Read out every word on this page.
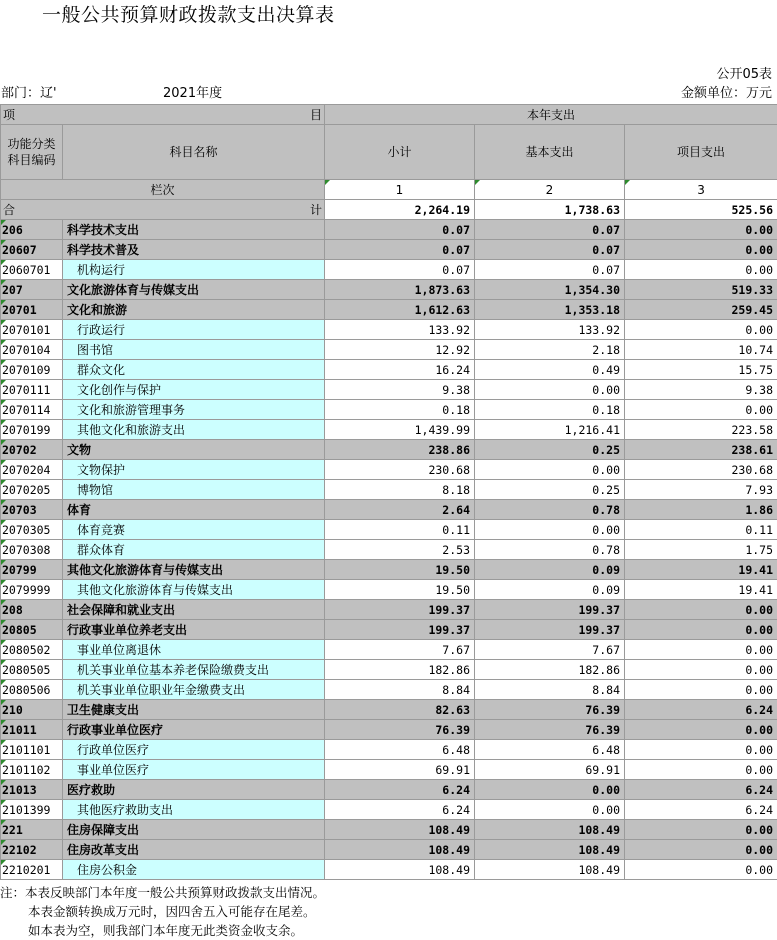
一般公共预算财政拨款支出决算表
公开05表
部门：辽'	2021年度	金额单位：万元
项 目		本年支出		
功能分类科目编码	科目名称	小计	基本支出	项目支出
栏次		1	2	3
合 计		2,264.19	1,738.63	525.56
206	科学技术支出	0.07	0.07	0.00
20607	科学技术普及	0.07	0.07	0.00
2060701	机构运行	0.07	0.07	0.00
207	文化旅游体育与传媒支出	1,873.63	1,354.30	519.33
20701	文化和旅游	1,612.63	1,353.18	259.45
2070101	行政运行	133.92	133.92	0.00
2070104	图书馆	12.92	2.18	10.74
2070109	群众文化	16.24	0.49	15.75
2070111	文化创作与保护	9.38	0.00	9.38
2070114	文化和旅游管理事务	0.18	0.18	0.00
2070199	其他文化和旅游支出	1,439.99	1,216.41	223.58
20702	文物	238.86	0.25	238.61
2070204	文物保护	230.68	0.00	230.68
2070205	博物馆	8.18	0.25	7.93
20703	体育	2.64	0.78	1.86
2070305	体育竞赛	0.11	0.00	0.11
2070308	群众体育	2.53	0.78	1.75
20799	其他文化旅游体育与传媒支出	19.50	0.09	19.41
2079999	其他文化旅游体育与传媒支出	19.50	0.09	19.41
208	社会保障和就业支出	199.37	199.37	0.00
20805	行政事业单位养老支出	199.37	199.37	0.00
2080502	事业单位离退休	7.67	7.67	0.00
2080505	机关事业单位基本养老保险缴费支出	182.86	182.86	0.00
2080506	机关事业单位职业年金缴费支出	8.84	8.84	0.00
210	卫生健康支出	82.63	76.39	6.24
21011	行政事业单位医疗	76.39	76.39	0.00
2101101	行政单位医疗	6.48	6.48	0.00
2101102	事业单位医疗	69.91	69.91	0.00
21013	医疗救助	6.24	0.00	6.24
2101399	其他医疗救助支出	6.24	0.00	6.24
221	住房保障支出	108.49	108.49	0.00
22102	住房改革支出	108.49	108.49	0.00
2210201	住房公积金	108.49	108.49	0.00
注：本表反映部门本年度一般公共预算财政拨款支出情况。
本表金额转换成万元时，因四舍五入可能存在尾差。
如本表为空，则我部门本年度无此类资金收支余。
